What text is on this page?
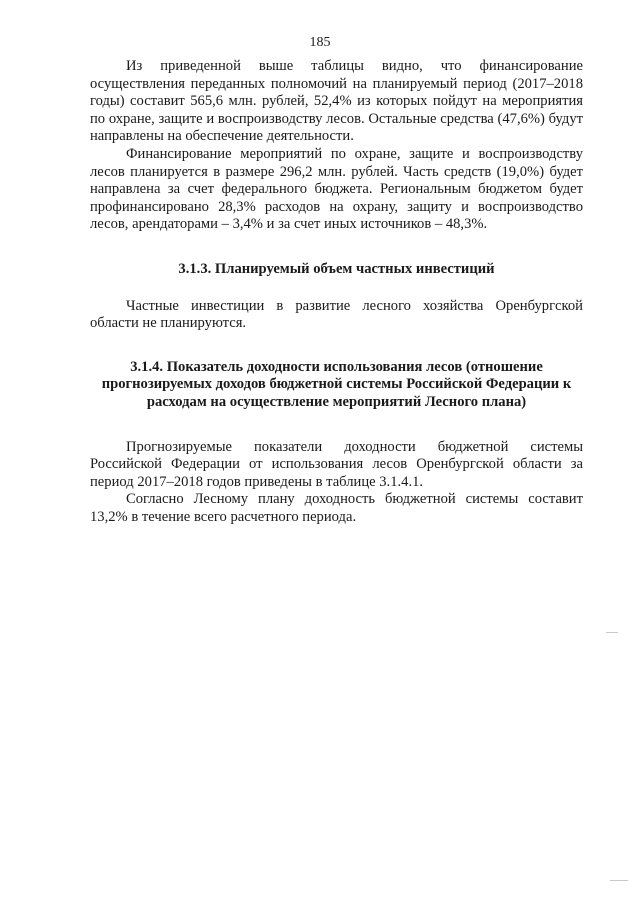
185

Из приведенной выше таблицы видно, что финансирование осуществления переданных полномочий на планируемый период (2017–2018 годы) составит 565,6 млн. рублей, 52,4% из которых пойдут на мероприятия по охране, защите и воспроизводству лесов. Остальные средства (47,6%) будут направлены на обеспечение деятельности.

Финансирование мероприятий по охране, защите и воспроизводству лесов планируется в размере 296,2 млн. рублей. Часть средств (19,0%) будет направлена за счет федерального бюджета. Региональным бюджетом будет профинансировано 28,3% расходов на охрану, защиту и воспроизводство лесов, арендаторами – 3,4% и за счет иных источников – 48,3%.

3.1.3. Планируемый объем частных инвестиций

Частные инвестиции в развитие лесного хозяйства Оренбургской области не планируются.

3.1.4. Показатель доходности использования лесов (отношение
прогнозируемых доходов бюджетной системы Российской Федерации к
расходам на осуществление мероприятий Лесного плана)

Прогнозируемые показатели доходности бюджетной системы Российской Федерации от использования лесов Оренбургской области за период 2017–2018 годов приведены в таблице 3.1.4.1.

Согласно Лесному плану доходность бюджетной системы составит 13,2% в течение всего расчетного периода.
